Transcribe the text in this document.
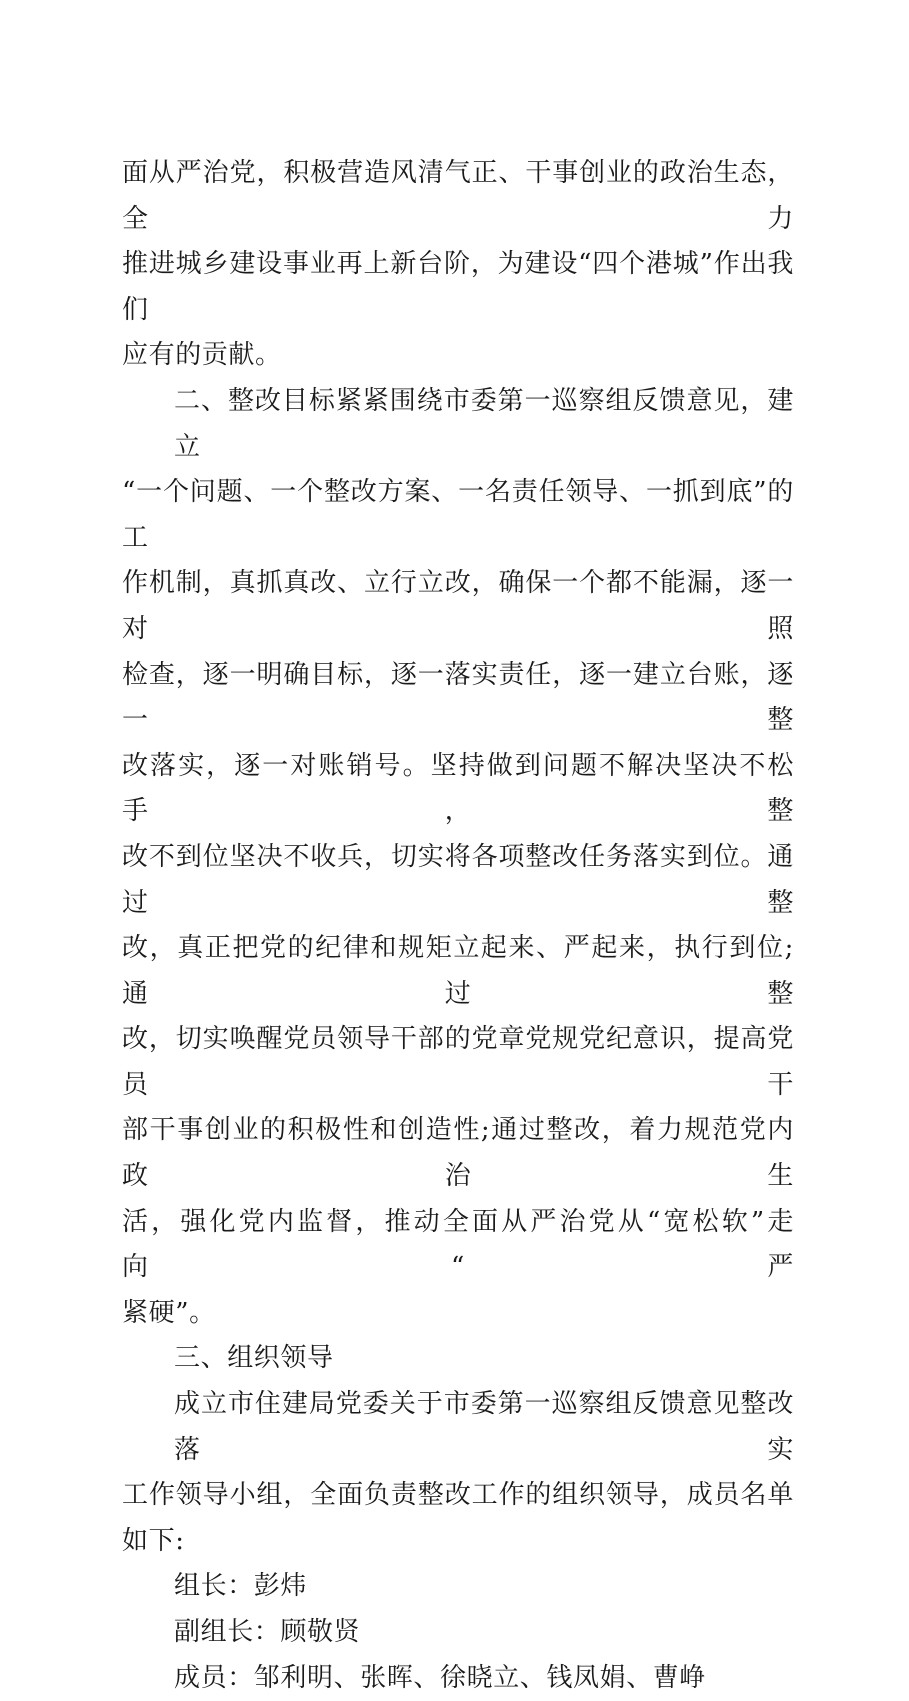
面从严治党，积极营造风清气正、干事创业的政治生态，全力
推进城乡建设事业再上新台阶，为建设“四个港城”作出我们
应有的贡献。

二、整改目标紧紧围绕市委第一巡察组反馈意见，建立
“一个问题、一个整改方案、一名责任领导、一抓到底”的工
作机制，真抓真改、立行立改，确保一个都不能漏，逐一对照
检查，逐一明确目标，逐一落实责任，逐一建立台账，逐一整
改落实，逐一对账销号。坚持做到问题不解决坚决不松手，整
改不到位坚决不收兵，切实将各项整改任务落实到位。通过整
改，真正把党的纪律和规矩立起来、严起来，执行到位;通过整
改，切实唤醒党员领导干部的党章党规党纪意识，提高党员干
部干事创业的积极性和创造性;通过整改，着力规范党内政治生
活，强化党内监督，推动全面从严治党从“宽松软”走向“严
紧硬”。

三、组织领导

成立市住建局党委关于市委第一巡察组反馈意见整改落实
工作领导小组，全面负责整改工作的组织领导，成员名单如下:

组长：彭炜

副组长：顾敬贤

成员：邹利明、张晖、徐晓立、钱凤娟、曹峥
